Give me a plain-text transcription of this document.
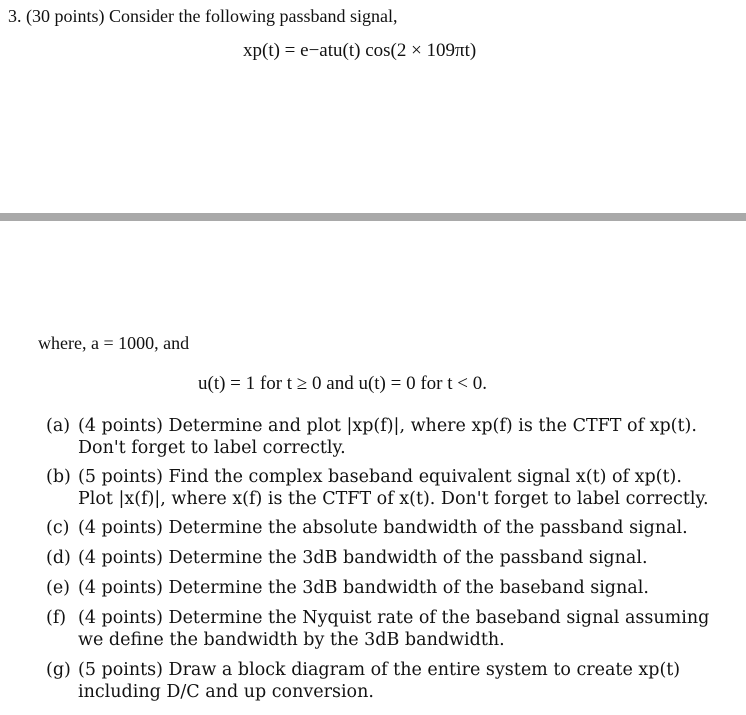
3. (30 points) Consider the following passband signal,
xp(t) = e−atu(t) cos(2 × 109πt)
where, a = 1000, and
u(t) = 1 for t ≥ 0 and u(t) = 0 for t < 0.
(a) (4 points) Determine and plot |xp(f)|, where xp(f) is the CTFT of xp(t). Don't forget to label correctly.
(b) (5 points) Find the complex baseband equivalent signal x(t) of xp(t). Plot |x(f)|, where x(f) is the CTFT of x(t). Don't forget to label correctly.
(c) (4 points) Determine the absolute bandwidth of the passband signal.
(d) (4 points) Determine the 3dB bandwidth of the passband signal.
(e) (4 points) Determine the 3dB bandwidth of the baseband signal.
(f) (4 points) Determine the Nyquist rate of the baseband signal assuming we define the bandwidth by the 3dB bandwidth.
(g) (5 points) Draw a block diagram of the entire system to create xp(t) including D/C and up conversion.
